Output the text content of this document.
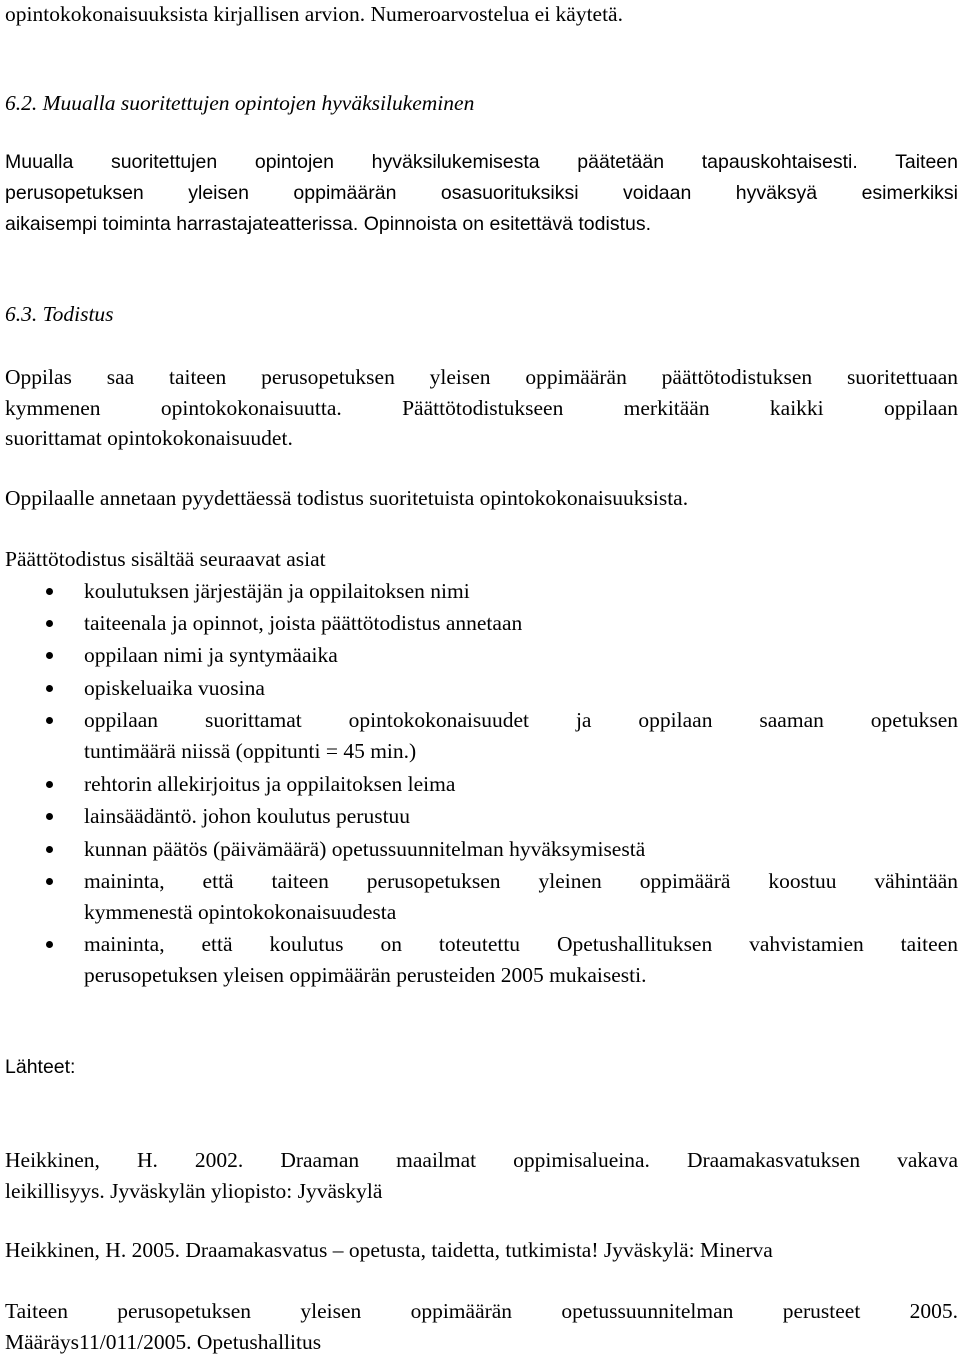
opintokokonaisuuksista kirjallisen arvion. Numeroarvostelua ei käytetä.
6.2. Muualla suoritettujen opintojen hyväksilukeminen
Muualla suoritettujen opintojen hyväksilukemisesta päätetään tapauskohtaisesti. Taiteen
perusopetuksen yleisen oppimäärän osasuorituksiksi voidaan hyväksyä esimerkiksi
aikaisempi toiminta harrastajateatterissa. Opinnoista on esitettävä todistus.
6.3. Todistus
Oppilas saa taiteen perusopetuksen yleisen oppimäärän päättötodistuksen suoritettuaan
kymmenen opintokokonaisuutta. Päättötodistukseen merkitään kaikki oppilaan
suorittamat opintokokonaisuudet.
Oppilaalle annetaan pyydettäessä todistus suoritetuista opintokokonaisuuksista.
Päättötodistus sisältää seuraavat asiat
koulutuksen järjestäjän ja oppilaitoksen nimi
taiteenala ja opinnot, joista päättötodistus annetaan
oppilaan nimi ja syntymäaika
opiskeluaika vuosina
oppilaan suorittamat opintokokonaisuudet ja oppilaan saaman opetuksen
tuntimäärä niissä (oppitunti = 45 min.)
rehtorin allekirjoitus ja oppilaitoksen leima
lainsäädäntö. johon koulutus perustuu
kunnan päätös (päivämäärä) opetussuunnitelman hyväksymisestä
maininta, että taiteen perusopetuksen yleinen oppimäärä koostuu vähintään
kymmenestä opintokokonaisuudesta
maininta, että koulutus on toteutettu Opetushallituksen vahvistamien taiteen
perusopetuksen yleisen oppimäärän perusteiden 2005 mukaisesti.
Lähteet:
Heikkinen, H. 2002. Draaman maailmat oppimisalueina. Draamakasvatuksen vakava
leikillisyys. Jyväskylän yliopisto: Jyväskylä
Heikkinen, H. 2005. Draamakasvatus – opetusta, taidetta, tutkimista! Jyväskylä: Minerva
Taiteen perusopetuksen yleisen oppimäärän opetussuunnitelman perusteet 2005.
Määräys11/011/2005. Opetushallitus
